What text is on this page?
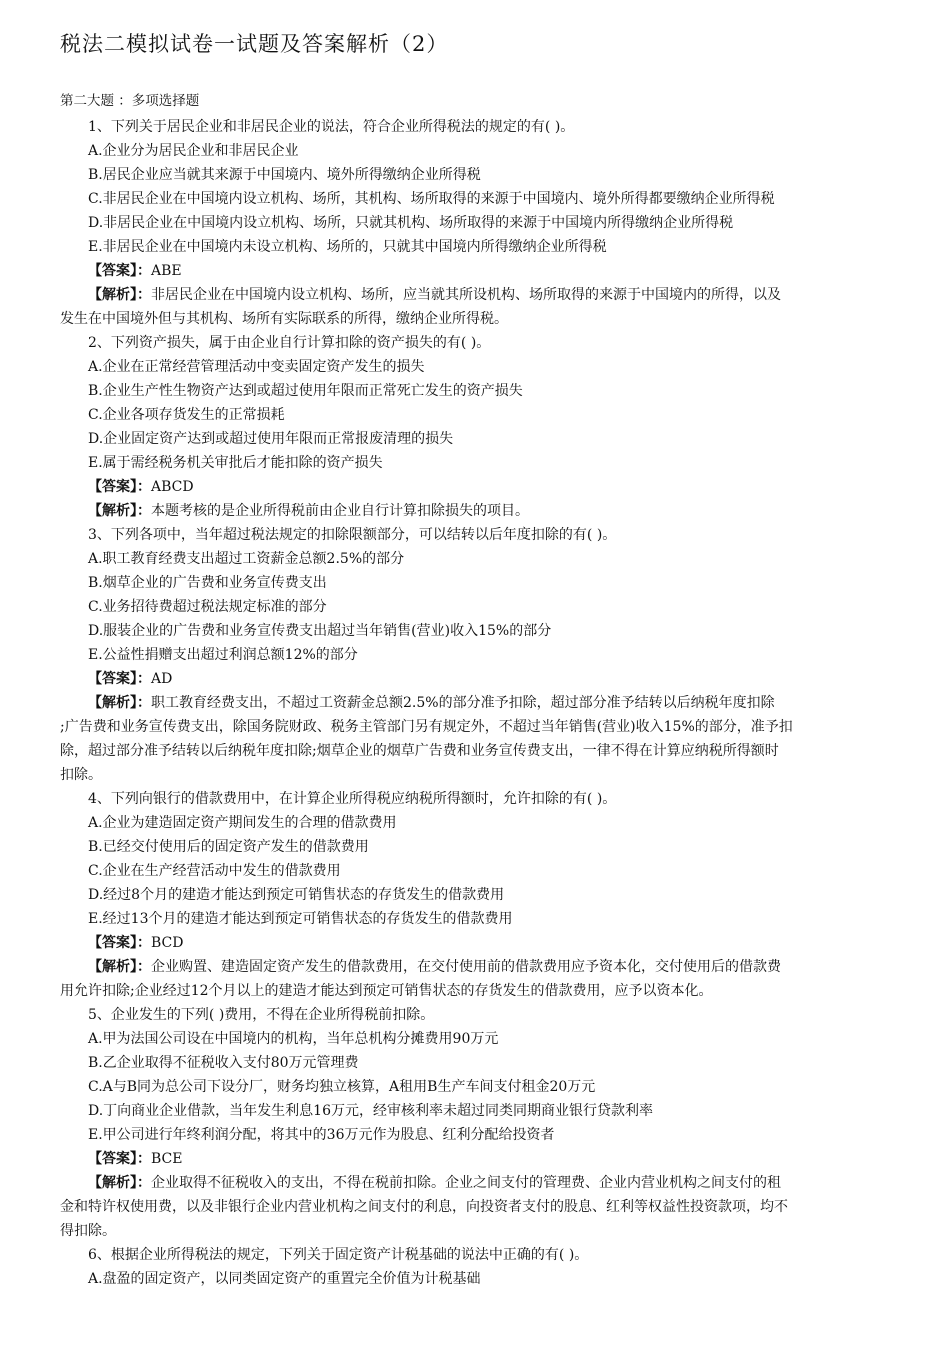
税法二模拟试卷一试题及答案解析（2）
第二大题 ：多项选择题
1、下列关于居民企业和非居民企业的说法，符合企业所得税法的规定的有( )。
A.企业分为居民企业和非居民企业
B.居民企业应当就其来源于中国境内、境外所得缴纳企业所得税
C.非居民企业在中国境内设立机构、场所，其机构、场所取得的来源于中国境内、境外所得都要缴纳企业所得税
D.非居民企业在中国境内设立机构、场所，只就其机构、场所取得的来源于中国境内所得缴纳企业所得税
E.非居民企业在中国境内未设立机构、场所的，只就其中国境内所得缴纳企业所得税
【答案】：ABE
【解析】：非居民企业在中国境内设立机构、场所，应当就其所设机构、场所取得的来源于中国境内的所得，以及
发生在中国境外但与其机构、场所有实际联系的所得，缴纳企业所得税。
2、下列资产损失，属于由企业自行计算扣除的资产损失的有( )。
A.企业在正常经营管理活动中变卖固定资产发生的损失
B.企业生产性生物资产达到或超过使用年限而正常死亡发生的资产损失
C.企业各项存货发生的正常损耗
D.企业固定资产达到或超过使用年限而正常报废清理的损失
E.属于需经税务机关审批后才能扣除的资产损失
【答案】：ABCD
【解析】：本题考核的是企业所得税前由企业自行计算扣除损失的项目。
3、下列各项中，当年超过税法规定的扣除限额部分，可以结转以后年度扣除的有( )。
A.职工教育经费支出超过工资薪金总额2.5%的部分
B.烟草企业的广告费和业务宣传费支出
C.业务招待费超过税法规定标准的部分
D.服装企业的广告费和业务宣传费支出超过当年销售(营业)收入15%的部分
E.公益性捐赠支出超过利润总额12%的部分
【答案】：AD
【解析】：职工教育经费支出，不超过工资薪金总额2.5%的部分准予扣除，超过部分准予结转以后纳税年度扣除
;广告费和业务宣传费支出，除国务院财政、税务主管部门另有规定外，不超过当年销售(营业)收入15%的部分，准予扣
除，超过部分准予结转以后纳税年度扣除;烟草企业的烟草广告费和业务宣传费支出，一律不得在计算应纳税所得额时
扣除。
4、下列向银行的借款费用中，在计算企业所得税应纳税所得额时，允许扣除的有( )。
A.企业为建造固定资产期间发生的合理的借款费用
B.已经交付使用后的固定资产发生的借款费用
C.企业在生产经营活动中发生的借款费用
D.经过8个月的建造才能达到预定可销售状态的存货发生的借款费用
E.经过13个月的建造才能达到预定可销售状态的存货发生的借款费用
【答案】：BCD
【解析】：企业购置、建造固定资产发生的借款费用，在交付使用前的借款费用应予资本化，交付使用后的借款费
用允许扣除;企业经过12个月以上的建造才能达到预定可销售状态的存货发生的借款费用，应予以资本化。
5、企业发生的下列( )费用，不得在企业所得税前扣除。
A.甲为法国公司设在中国境内的机构，当年总机构分摊费用90万元
B.乙企业取得不征税收入支付80万元管理费
C.A与B同为总公司下设分厂，财务均独立核算，A租用B生产车间支付租金20万元
D.丁向商业企业借款，当年发生利息16万元，经审核利率未超过同类同期商业银行贷款利率
E.甲公司进行年终利润分配，将其中的36万元作为股息、红利分配给投资者
【答案】：BCE
【解析】：企业取得不征税收入的支出，不得在税前扣除。企业之间支付的管理费、企业内营业机构之间支付的租
金和特许权使用费，以及非银行企业内营业机构之间支付的利息，向投资者支付的股息、红利等权益性投资款项，均不
得扣除。
6、根据企业所得税法的规定，下列关于固定资产计税基础的说法中正确的有( )。
A.盘盈的固定资产，以同类固定资产的重置完全价值为计税基础
